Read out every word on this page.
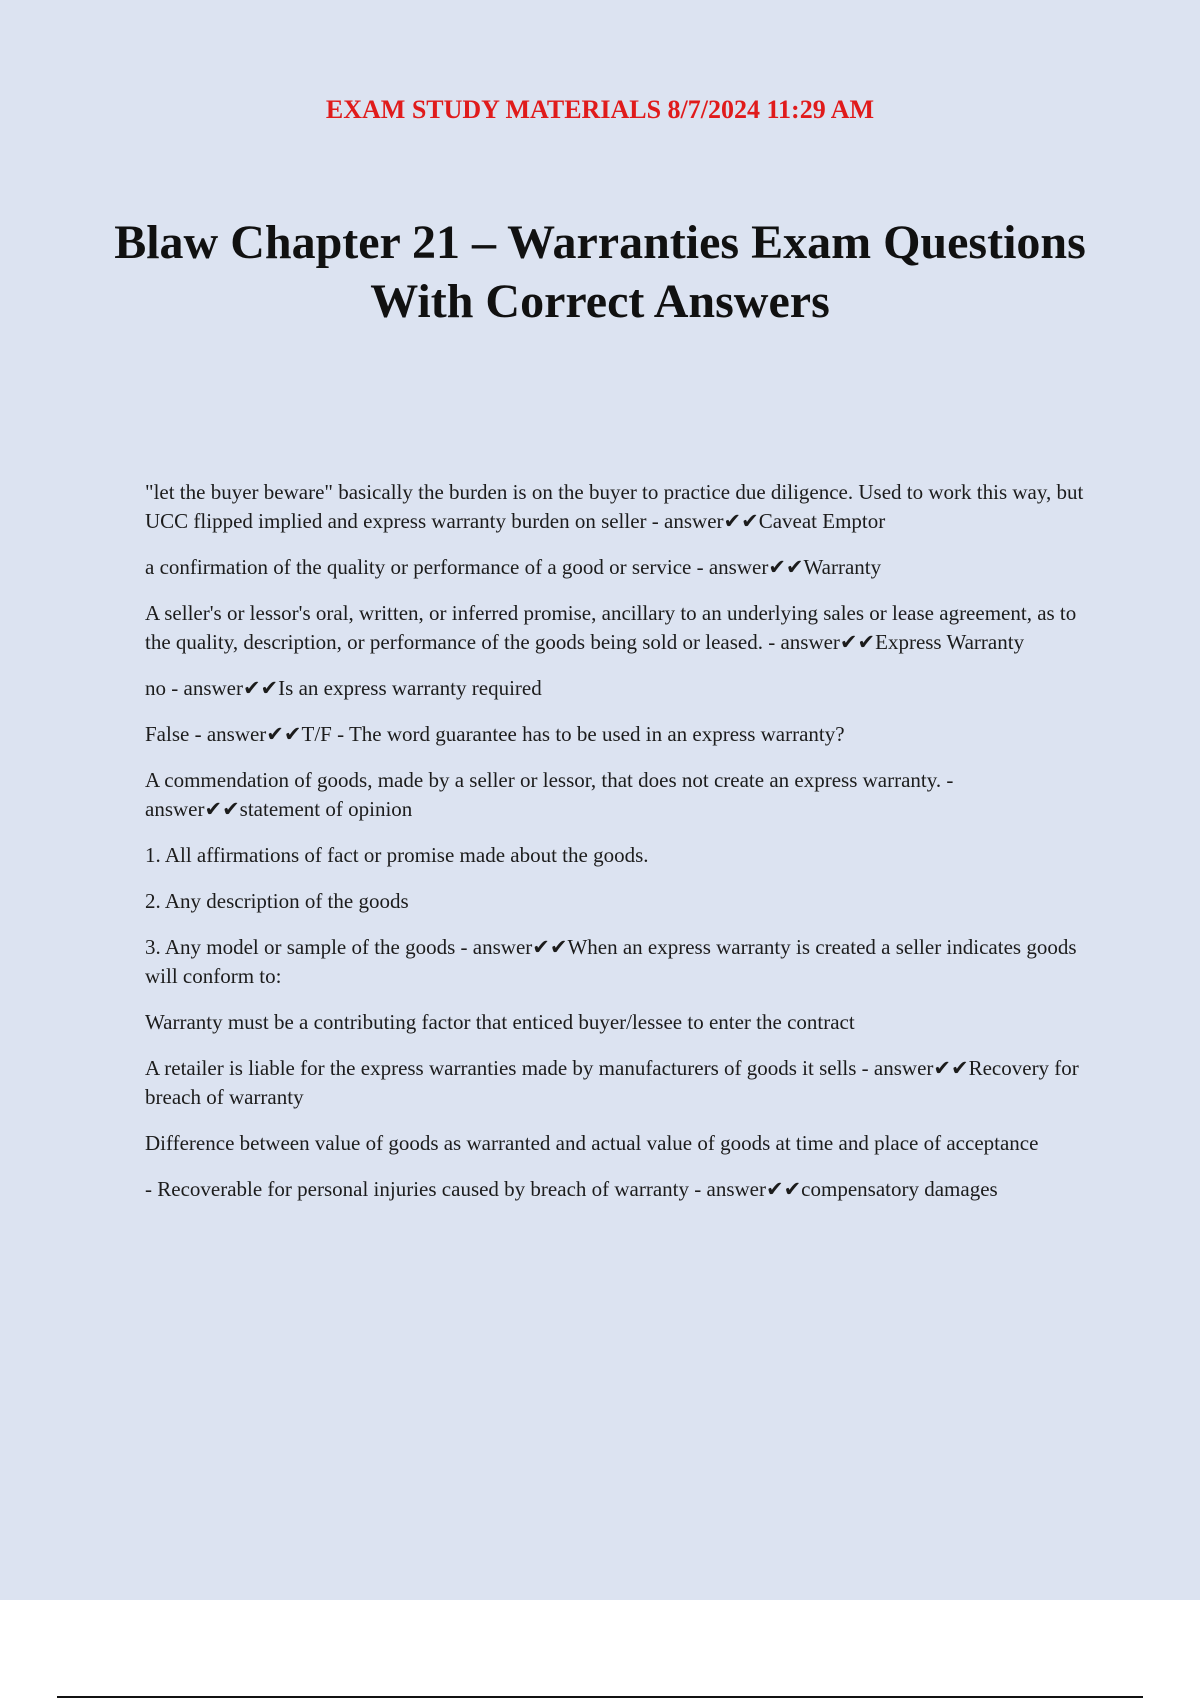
EXAM STUDY MATERIALS 8/7/2024 11:29 AM
Blaw Chapter 21 – Warranties Exam Questions With Correct Answers

"let the buyer beware" basically the burden is on the buyer to practice due diligence. Used to work this way, but UCC flipped implied and express warranty burden on seller - answer✔✔Caveat Emptor

a confirmation of the quality or performance of a good or service - answer✔✔Warranty

A seller's or lessor's oral, written, or inferred promise, ancillary to an underlying sales or lease agreement, as to the quality, description, or performance of the goods being sold or leased. - answer✔✔Express Warranty

no - answer✔✔Is an express warranty required

False - answer✔✔T/F - The word guarantee has to be used in an express warranty?

A commendation of goods, made by a seller or lessor, that does not create an express warranty. - answer✔✔statement of opinion

1. All affirmations of fact or promise made about the goods.

2. Any description of the goods

3. Any model or sample of the goods - answer✔✔When an express warranty is created a seller indicates goods will conform to:

Warranty must be a contributing factor that enticed buyer/lessee to enter the contract

A retailer is liable for the express warranties made by manufacturers of goods it sells - answer✔✔Recovery for breach of warranty

Difference between value of goods as warranted and actual value of goods at time and place of acceptance

- Recoverable for personal injuries caused by breach of warranty - answer✔✔compensatory damages
